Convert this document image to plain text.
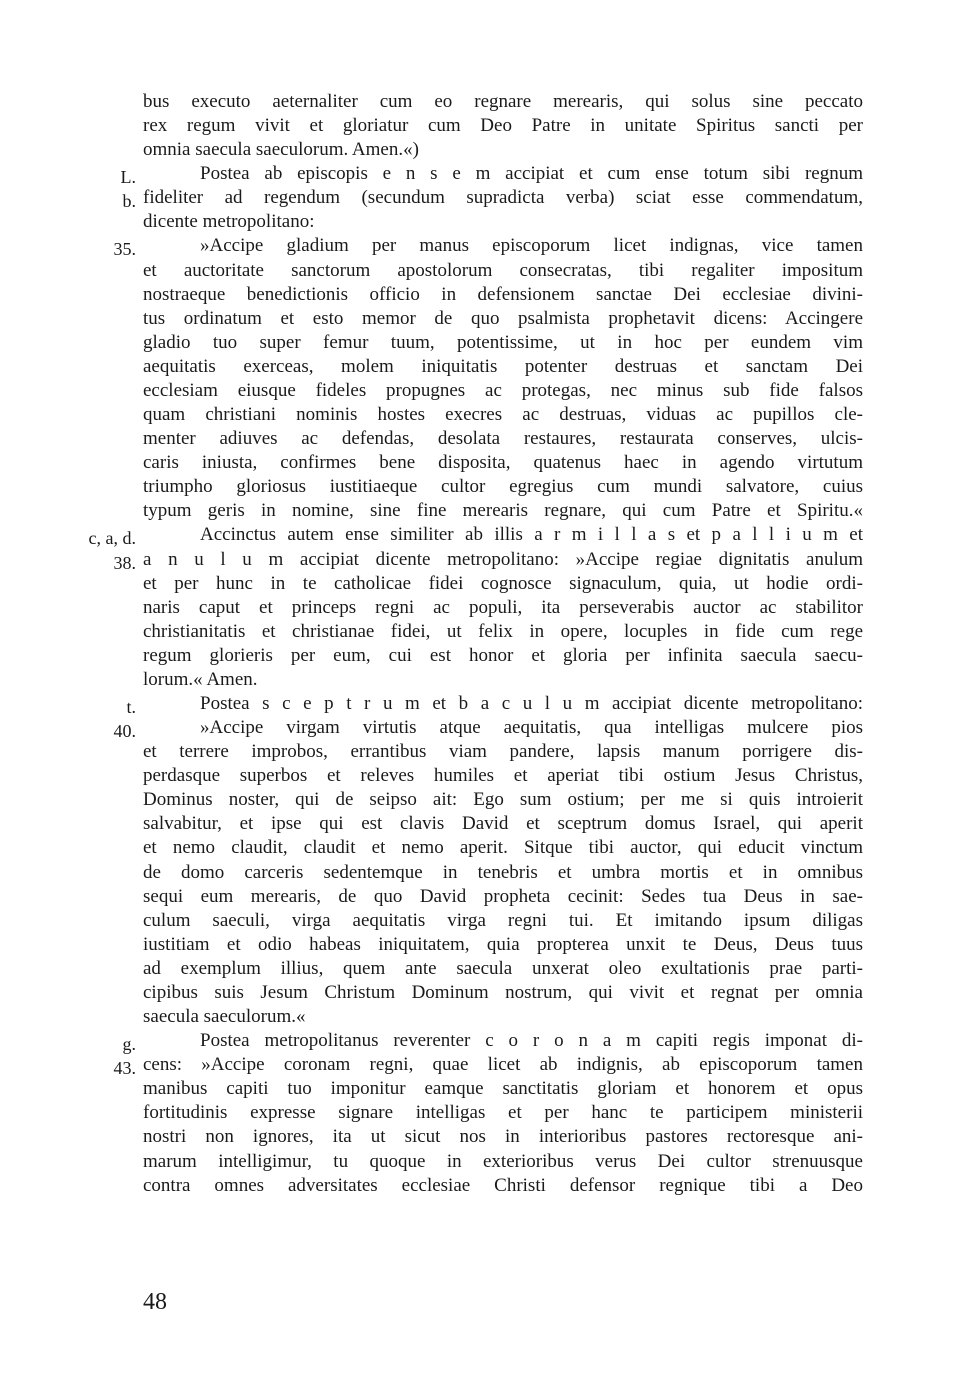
bus executo aeternaliter cum eo regnare merearis, qui solus sine peccato
rex regum vivit et gloriatur cum Deo Patre in unitate Spiritus sancti per
omnia saecula saeculorum. Amen.«)
Postea ab episcopis e n s e m accipiat et cum ense totum sibi regnum
fideliter ad regendum (secundum supradicta verba) sciat esse commendatum,
dicente metropolitano:
»Accipe gladium per manus episcoporum licet indignas, vice tamen
et auctoritate sanctorum apostolorum consecratas, tibi regaliter impositum
nostraeque benedictionis officio in defensionem sanctae Dei ecclesiae divini-
tus ordinatum et esto memor de quo psalmista prophetavit dicens: Accingere
gladio tuo super femur tuum, potentissime, ut in hoc per eundem vim
aequitatis exerceas, molem iniquitatis potenter destruas et sanctam Dei
ecclesiam eiusque fideles propugnes ac protegas, nec minus sub fide falsos
quam christiani nominis hostes execres ac destruas, viduas ac pupillos cle-
menter adiuves ac defendas, desolata restaures, restaurata conserves, ulcis-
caris iniusta, confirmes bene disposita, quatenus haec in agendo virtutum
triumpho gloriosus iustitiaeque cultor egregius cum mundi salvatore, cuius
typum geris in nomine, sine fine merearis regnare, qui cum Patre et Spiritu.«
Accinctus autem ense similiter ab illis a r m i l l a s et p a l l i u m et
a n u l u m accipiat dicente metropolitano: »Accipe regiae dignitatis anulum
et per hunc in te catholicae fidei cognosce signaculum, quia, ut hodie ordi-
naris caput et princeps regni ac populi, ita perseverabis auctor ac stabilitor
christianitatis et christianae fidei, ut felix in opere, locuples in fide cum rege
regum glorieris per eum, cui est honor et gloria per infinita saecula saecu-
lorum.« Amen.
Postea s c e p t r u m et b a c u l u m accipiat dicente metropolitano:
»Accipe virgam virtutis atque aequitatis, qua intelligas mulcere pios
et terrere improbos, errantibus viam pandere, lapsis manum porrigere dis-
perdasque superbos et releves humiles et aperiat tibi ostium Jesus Christus,
Dominus noster, qui de seipso ait: Ego sum ostium; per me si quis introierit
salvabitur, et ipse qui est clavis David et sceptrum domus Israel, qui aperit
et nemo claudit, claudit et nemo aperit. Sitque tibi auctor, qui educit vinctum
de domo carceris sedentemque in tenebris et umbra mortis et in omnibus
sequi eum merearis, de quo David propheta cecinit: Sedes tua Deus in sae-
culum saeculi, virga aequitatis virga regni tui. Et imitando ipsum diligas
iustitiam et odio habeas iniquitatem, quia propterea unxit te Deus, Deus tuus
ad exemplum illius, quem ante saecula unxerat oleo exultationis prae parti-
cipibus suis Jesum Christum Dominum nostrum, qui vivit et regnat per omnia
saecula saeculorum.«
Postea metropolitanus reverenter c o r o n a m capiti regis imponat di-
cens: »Accipe coronam regni, quae licet ab indignis, ab episcoporum tamen
manibus capiti tuo imponitur eamque sanctitatis gloriam et honorem et opus
fortitudinis expresse signare intelligas et per hanc te participem ministerii
nostri non ignores, ita ut sicut nos in interioribus pastores rectoresque ani-
marum intelligimur, tu quoque in exterioribus verus Dei cultor strenuusque
contra omnes adversitates ecclesiae Christi defensor regnique tibi a Deo
L.
b.
35.
c, a, d.
38.
t.
40.
g.
43.
48
